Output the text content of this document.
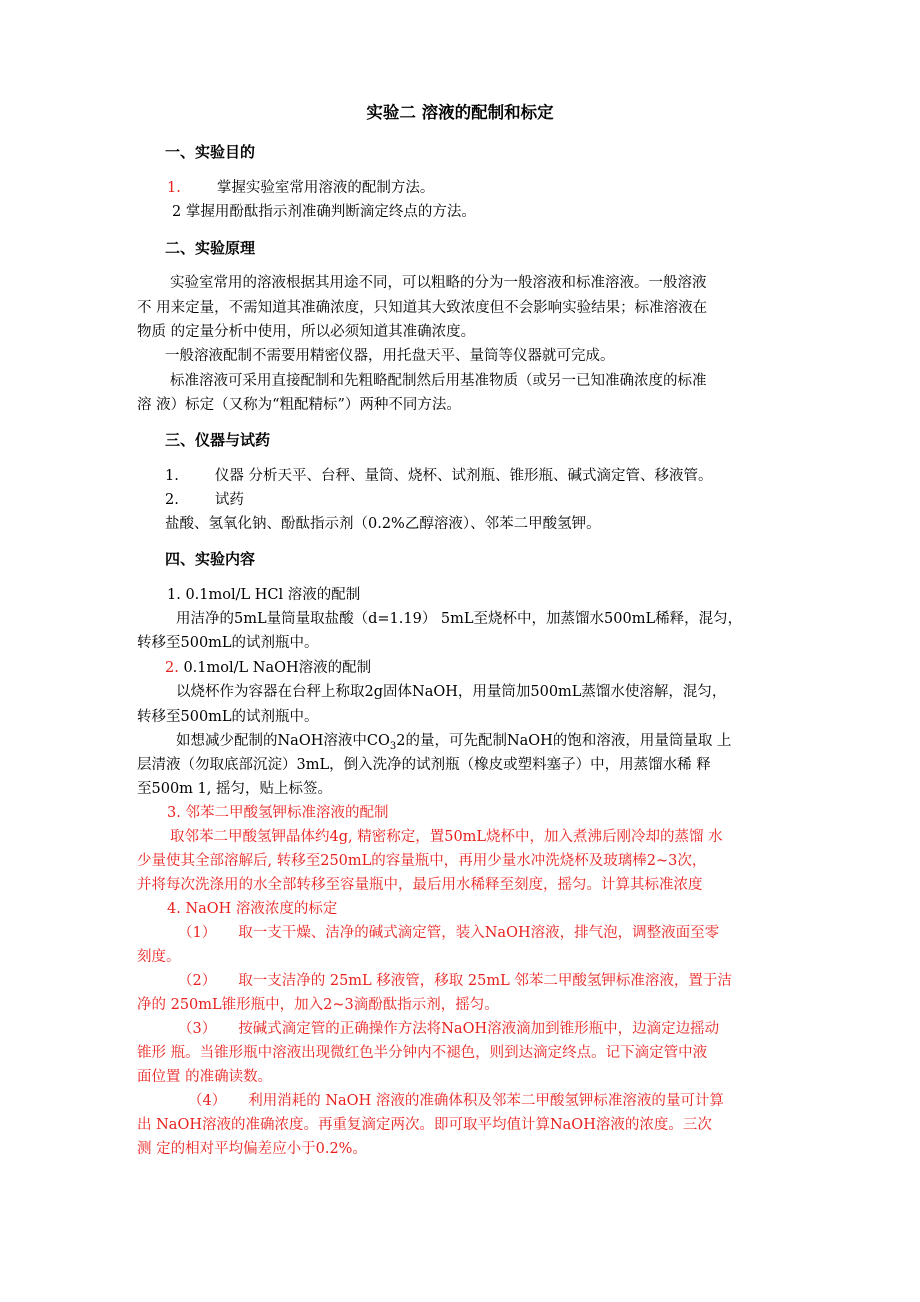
实验二 溶液的配制和标定
一、实验目的
1. 掌握实验室常用溶液的配制方法。
2 掌握用酚酞指示剂准确判断滴定终点的方法。
二、实验原理
实验室常用的溶液根据其用途不同，可以粗略的分为一般溶液和标准溶液。一般溶液
不 用来定量，不需知道其准确浓度，只知道其大致浓度但不会影响实验结果；标准溶液在
物质 的定量分析中使用，所以必须知道其准确浓度。
一般溶液配制不需要用精密仪器，用托盘天平、量筒等仪器就可完成。
标准溶液可采用直接配制和先粗略配制然后用基准物质（或另一已知准确浓度的标准
溶 液）标定（又称为“粗配精标”）两种不同方法。
三、仪器与试药
1. 仪器 分析天平、台秤、量筒、烧杯、试剂瓶、锥形瓶、碱式滴定管、移液管。
2. 试药
盐酸、氢氧化钠、酚酞指示剂（0.2%乙醇溶液）、邻苯二甲酸氢钾。
四、实验内容
1. 0.1mol/L HCl 溶液的配制
用洁净的5mL量筒量取盐酸（d=1.19） 5mL至烧杯中，加蒸馏水500mL稀释，混匀，
转移至500mL的试剂瓶中。
2. 0.1mol/L NaOH溶液的配制
以烧杯作为容器在台秤上称取2g固体NaOH，用量筒加500mL蒸馏水使溶解，混匀，
转移至500mL的试剂瓶中。
如想减少配制的NaOH溶液中$CO_32$的量，可先配制NaOH的饱和溶液，用量筒量取 上
层清液（勿取底部沉淀）3mL，倒入洗净的试剂瓶（橡皮或塑料塞子）中，用蒸馏水稀 释
至500m 1, 摇匀，贴上标签。
3. 邻苯二甲酸氢钾标准溶液的配制
取邻苯二甲酸氢钾晶体约4g, 精密称定，置50mL烧杯中，加入煮沸后刚冷却的蒸馏 水
少量使其全部溶解后, 转移至250mL的容量瓶中，再用少量水冲洗烧杯及玻璃棒2~3次，
并将每次洗涤用的水全部转移至容量瓶中，最后用水稀释至刻度，摇匀。计算其标准浓度
4. NaOH 溶液浓度的标定
（1） 取一支干燥、洁净的碱式滴定管，装入NaOH溶液，排气泡，调整液面至零
刻度。
（2） 取一支洁净的 25mL 移液管，移取 25mL 邻苯二甲酸氢钾标准溶液，置于洁
净的 250mL锥形瓶中，加入2~3滴酚酞指示剂，摇匀。
（3） 按碱式滴定管的正确操作方法将NaOH溶液滴加到锥形瓶中，边滴定边摇动
锥形 瓶。当锥形瓶中溶液出现微红色半分钟内不褪色，则到达滴定终点。记下滴定管中液
面位置 的准确读数。
（4） 利用消耗的 NaOH 溶液的准确体积及邻苯二甲酸氢钾标准溶液的量可计算
出 NaOH溶液的准确浓度。再重复滴定两次。即可取平均值计算NaOH溶液的浓度。三次
测 定的相对平均偏差应小于0.2%。
